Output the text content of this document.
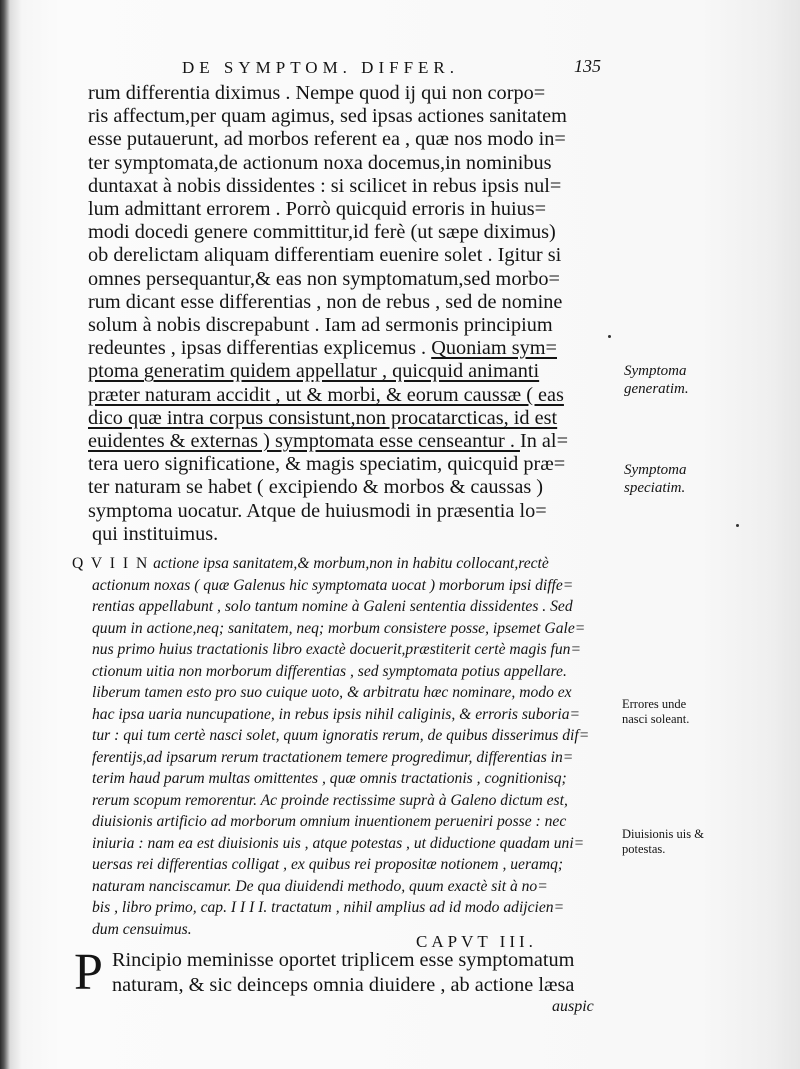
DE SYMPTOM. DIFFER.	135
rum differentia diximus . Nempe quod ij qui non corpo=
ris affectum,per quam agimus, sed ipsas actiones sanitatem
esse putauerunt, ad morbos referent ea , quæ nos modo in=
ter symptomata,de actionum noxa docemus,in nominibus
duntaxat à nobis dissidentes : si scilicet in rebus ipsis nul=
lum admittant errorem . Porrò quicquid erroris in huius=
modi docedi genere committitur,id ferè (ut sæpe diximus)
ob derelictam aliquam differentiam euenire solet . Igitur si
omnes persequantur,& eas non symptomatum,sed morbo=
rum dicant esse differentias , non de rebus , sed de nomine
solum à nobis discrepabunt . Iam ad sermonis principium
redeuntes , ipsas differentias explicemus . Quoniam sym=
ptoma generatim quidem appellatur , quicquid animanti
præter naturam accidit , ut & morbi, & eorum caussæ ( eas
dico quæ intra corpus consistunt,non procatarcticas, id est
euidentes & externas ) symptomata esse censeantur . In al=
tera uero significatione, & magis speciatim, quicquid præ=
ter naturam se habet ( excipiendo & morbos & caussas )
symptoma uocatur. Atque de huiusmodi in præsentia lo=
qui instituimus.
Q V I I N actione ipsa sanitatem,& morbum,non in habitu collocant,rectè
actionum noxas ( quæ Galenus hic symptomata uocat ) morborum ipsi diffe=
rentias appellabunt , solo tantum nomine à Galeni sententia dissidentes . Sed
quum in actione,neq; sanitatem, neq; morbum consistere posse, ipsemet Gale=
nus primo huius tractationis libro exactè docuerit,præstiterit certè magis fun=
ctionum uitia non morborum differentias , sed symptomata potius appellare.
liberum tamen esto pro suo cuique uoto, & arbitratu hæc nominare, modo ex
hac ipsa uaria nuncupatione, in rebus ipsis nihil caliginis, & erroris suboria=
tur : qui tum certè nasci solet, quum ignoratis rerum, de quibus disserimus dif=
ferentijs,ad ipsarum rerum tractationem temere progredimur, differentias in=
terim haud parum multas omittentes , quæ omnis tractationis , cognitionisq;
rerum scopum remorentur. Ac proinde rectissime suprà à Galeno dictum est,
diuisionis artificio ad morborum omnium inuentionem perueniri posse : nec
iniuria : nam ea est diuisionis uis , atque potestas , ut diductione quadam uni=
uersas rei differentias colligat , ex quibus rei propositæ notionem , ueramq;
naturam nanciscamur. De qua diuidendi methodo, quum exactè sit à no=
bis , libro primo, cap. I I I I. tractatum , nihil amplius ad id modo adijcien=
dum censuimus.
CAPVT III.
P Rincipio meminisse oportet triplicem esse symptomatum
naturam, & sic deinceps omnia diuidere , ab actione læsa
auspic
Symptoma generatim.
Symptoma speciatim.
Errores unde nasci soleant.
Diuisionis uis & potestas.
